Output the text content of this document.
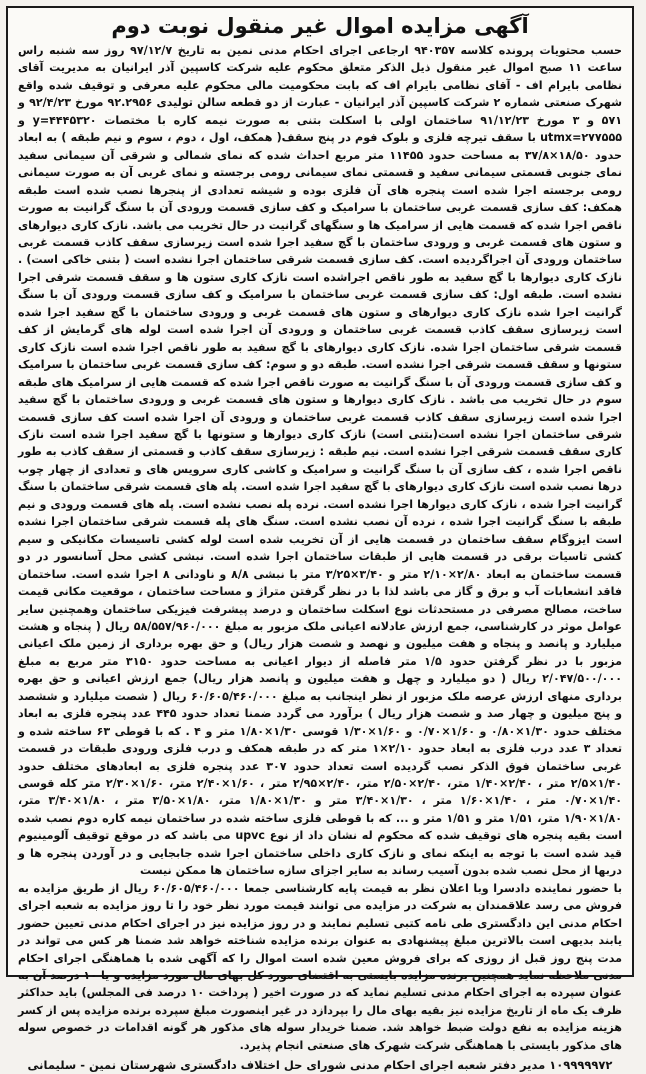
آگهی مزایده اموال غیر منقول نوبت دوم

حسب محتویات پرونده کلاسه ۹۴۰۳۵۷ ارجاعی اجرای احکام مدنی نمین به تاریخ ۹۷/۱۲/۷ روز سه شنبه راس ساعت ۱۱ صبح اموال غیر منقول ذیل الذکر متعلق محکوم علیه شرکت کاسپین آذر ایرانیان به مدیریت آقای نظامی بایرام اف - آقای نظامی بایرام اف که بابت محکومیت مالی محکوم علیه معرفی و توقیف شده واقع شهرک صنعتی شماره ۲ شرکت کاسپین آذر ایرانیان - عبارت از دو قطعه سالن تولیدی ۹۲.۲۹۵۶ مورخ ۹۲/۴/۲۳ و ۵۷۱ و ۳ مورخ ۹۱/۱۲/۲۳ ساختمان اولی با اسکلت بتنی به صورت نیمه کاره با مختصات ۴۴۴۵۳۲۰=y و utmx=۲۷۷۵۵۵ با سقف تیرچه فلزی و بلوک فوم در پنج سقف( همکف، اول ، دوم ، سوم و نیم طبقه ) به ابعاد حدود ۱۸/۵۰×۳۷/۸ به مساحت حدود ۱۱۴۵۵ متر مربع احداث شده که نمای شمالی و شرقی آن سیمانی سفید نمای جنوبی قسمتی سیمانی سفید و قسمتی نمای سیمانی رومی برجسته و نمای غربی آن به صورت سیمانی رومی برجسته اجرا شده است پنجره های آن فلزی بوده و شیشه تعدادی از پنجرها نصب شده است طبقه همکف: کف سازی قسمت غربی ساختمان با سرامیک و کف سازی قسمت ورودی آن با سنگ گرانیت به صورت ناقص اجرا شده که قسمت هایی از سرامیک ها و سنگهای گرانیت در حال تخریب می باشد. نازک کاری دیوارهای و ستون های قسمت غربی و ورودی ساختمان با گچ سفید اجرا شده است زیرسازی سقف کاذب قسمت غربی ساختمان ورودی آن اجراگردیده است. کف سازی قسمت شرقی ساختمان اجرا نشده است ( بتنی خاکی است) . نازک کاری دیوارها با گچ سفید به طور ناقص اجراشده است نازک کاری ستون ها و سقف قسمت شرقی اجرا نشده است. طبقه اول: کف سازی قسمت غربی ساختمان با سرامیک و کف سازی قسمت ورودی آن با سنگ گرانیت اجرا شده نازک کاری دیوارهای و ستون های قسمت غربی و ورودی ساختمان با گچ سفید اجرا شده است زیرسازی سقف کاذب قسمت غربی ساختمان و ورودی آن اجرا شده است لوله های گرمایش از کف قسمت شرقی ساختمان اجرا شده. نازک کاری دیوارهای با گچ سفید به طور ناقص اجرا شده است نازک کاری ستونها و سقف قسمت شرقی اجرا نشده است. طبقه دو و سوم: کف سازی قسمت غربی ساختمان با سرامیک و کف سازی قسمت ورودی آن با سنگ گرانیت به صورت ناقص اجرا شده که قسمت هایی از سرامیک های طبقه سوم در حال تخریب می باشد . نازک کاری دیوارها و ستون های قسمت غربی و ورودی ساختمان با گچ سفید اجرا شده است زیرسازی سقف کاذب قسمت غربی ساختمان و ورودی آن اجرا شده است کف سازی قسمت شرقی ساختمان اجرا نشده است(بتنی است) نازک کاری دیوارها و ستونها با گچ سفید اجرا شده است نازک کاری سقف قسمت شرقی اجرا نشده است. نیم طبقه : زیرسازی سقف کاذب و قسمتی از سقف کاذب به طور ناقص اجرا شده ، کف سازی آن با سنگ گرانیت و سرامیک و کاشی کاری سرویس های و تعدادی از چهار چوب درها نصب شده است نازک کاری دیوارهای با گچ سفید اجرا شده است. پله های قسمت شرقی ساختمان با سنگ گرانیت اجرا شده ، نازک کاری دیوارها اجرا نشده است. نرده پله نصب نشده است. پله های قسمت ورودی و نیم طبقه با سنگ گرانیت اجرا شده ، نرده آن نصب نشده است. سنگ های پله قسمت شرقی ساختمان اجرا نشده است ایزوگام سقف ساختمان در قسمت هایی از آن تخریب شده است لوله کشی تاسیسات مکانیکی و سیم کشی تاسیات برقی در قسمت هایی از طبقات ساختمان اجرا شده است. نبشی کشی محل آسانسور در دو قسمت ساختمان به ابعاد ۲/۸۰×۲/۱۰ متر و ۳/۴۰×۳/۲۵ متر با نبشی ۸/۸ و ناودانی ۸ اجرا شده است. ساختمان فاقد انشعابات آب و برق و گاز می باشد لذا با در نظر گرفتن متراژ و مساحت ساختمان ، موقعیت مکانی قیمت ساخت، مصالح مصرفی در مستحدثات نوع اسکلت ساختمان و درصد پیشرفت فیزیکی ساختمان وهمچنین سایر عوامل موثر در کارشناسی، جمع ارزش عادلانه اعیانی ملک مزبور به مبلغ ۵۸/۵۵۷/۹۶۰/۰۰۰ ریال ( پنجاه و هشت میلیارد و پانصد و پنجاه و هفت میلیون و نهصد و شصت هزار ریال) و حق بهره برداری از زمین ملک اعیانی مزبور با در نظر گرفتن حدود ۱/۵ متر فاصله از دیوار اعیانی به مساحت حدود ۳۱۵۰ متر مربع به مبلغ ۲/۰۴۷/۵۰۰/۰۰۰ ریال ( دو میلیارد و چهل و هفت میلیون و پانصد هزار ریال) جمع ارزش اعیانی و حق بهره برداری منهای ارزش عرصه ملک مزبور از نظر اینجانب به مبلغ ۶۰/۶۰۵/۴۶۰/۰۰۰ ریال ( شصت میلیارد و ششصد و پنج میلیون و چهار صد و شصت هزار ریال ) برآورد می گردد ضمنا تعداد حدود ۴۴۵ عدد پنجره فلزی به ابعاد مختلف حدود ۱/۳۰×۰/۸۰ و ۱/۶۰×۰/۷۰ و ۱/۶۰×۱/۳۰ قوسی ۱/۳۰×۱/۸۰ متر و ۴ . که با قوطی ۶۳ ساخته شده و تعداد ۳ عدد درب فلزی به ابعاد حدود ۲/۱۰×۱ متر که در طبقه همکف و درب فلزی ورودی طبقات در قسمت غربی ساختمان فوق الذکر نصب گردیده است تعداد حدود ۳۰۷ عدد پنجره فلزی به ابعادهای مختلف حدود ۱/۴۰×۲/۵ متر ، ۲/۴۰×۱/۴۰ متر، ۲/۴۰×۲/۵۰ متر، ۲/۴۰×۲/۹۵ متر ، ۱/۶۰×۲/۴۰ متر، ۱/۶۰×۲/۳۰ متر کله قوسی ۱/۴۰×۰/۷۰ متر ، ۱/۴۰×۱/۶۰ متر ، ۱/۳۰×۳/۴۰ متر و ۱/۳۰×۱/۸۰ متر، ۱/۸۰×۳/۵۰ متر ، ۱/۸۰×۳/۴۰ متر، ۱/۸۰×۱/۹۰ متر، ۱/۵۱ متر و ۱/۵۱ متر و ... که با قوطی فلزی ساخته شده در ساختمان نیمه کاره دوم نصب شده است بقیه پنجره های توقیف شده که محکوم له نشان داد از نوع upvc می باشد که در موقع توقیف آلومینیوم قید شده است با توجه به اینکه نمای و نازک کاری داخلی ساختمان اجرا شده جابجایی و در آوردن پنجره ها و دربها از محل نصب شده بدون آسیب رساند به سایر اجزای سازه ساختمان ها ممکن نیست

با حضور نماینده دادسرا وبا اعلان نظر به قیمت پایه کارشناسی جمعا ۶۰/۶۰۵/۴۶۰/۰۰۰ ریال از طریق مزایده به فروش می رسد علاقمندان به شرکت در مزایده می توانند قیمت مورد نظر خود را تا روز مزایده به شعبه اجرای احکام مدنی این دادگستری طی نامه کتبی تسلیم نمایند و در روز مزایده نیز در اجرای احکام مدنی تعیین حضور یابند بدیهی است بالاترین مبلغ پیشنهادی به عنوان برنده مزایده شناخته خواهد شد ضمنا هر کس می تواند در مدت پنج روز قبل از روزی که برای فروش معین شده است اموال را که آگهی شده با هماهنگی اجرای احکام مدنی ملاحظه نماید همچنین برنده مزایده بایستی به اقتضای مورد کل بهای مال مورد مزایده و یا ۱۰ درصد آن به عنوان سپرده به اجرای احکام مدنی تسلیم نماید که در صورت اخیر ( پرداخت ۱۰ درصد فی المجلس) باید حداکثر ظرف یک ماه از تاریخ مزایده نیز بقیه بهای مال را بپردازد در غیر اینصورت مبلغ سپرده برنده مزایده پس از کسر هزینه مزایده به نفع دولت ضبط خواهد شد. ضمنا خریدار سوله های مذکور هر گونه اقدامات در خصوص سوله های مذکور بایستی با هماهنگی شرکت شهرک های صنعتی انجام پذیرد.

۱۰۹۹۹۹۹۷۲ مدیر دفتر شعبه اجرای احکام مدنی شورای حل اختلاف دادگستری شهرستان نمین - سلیمانی
